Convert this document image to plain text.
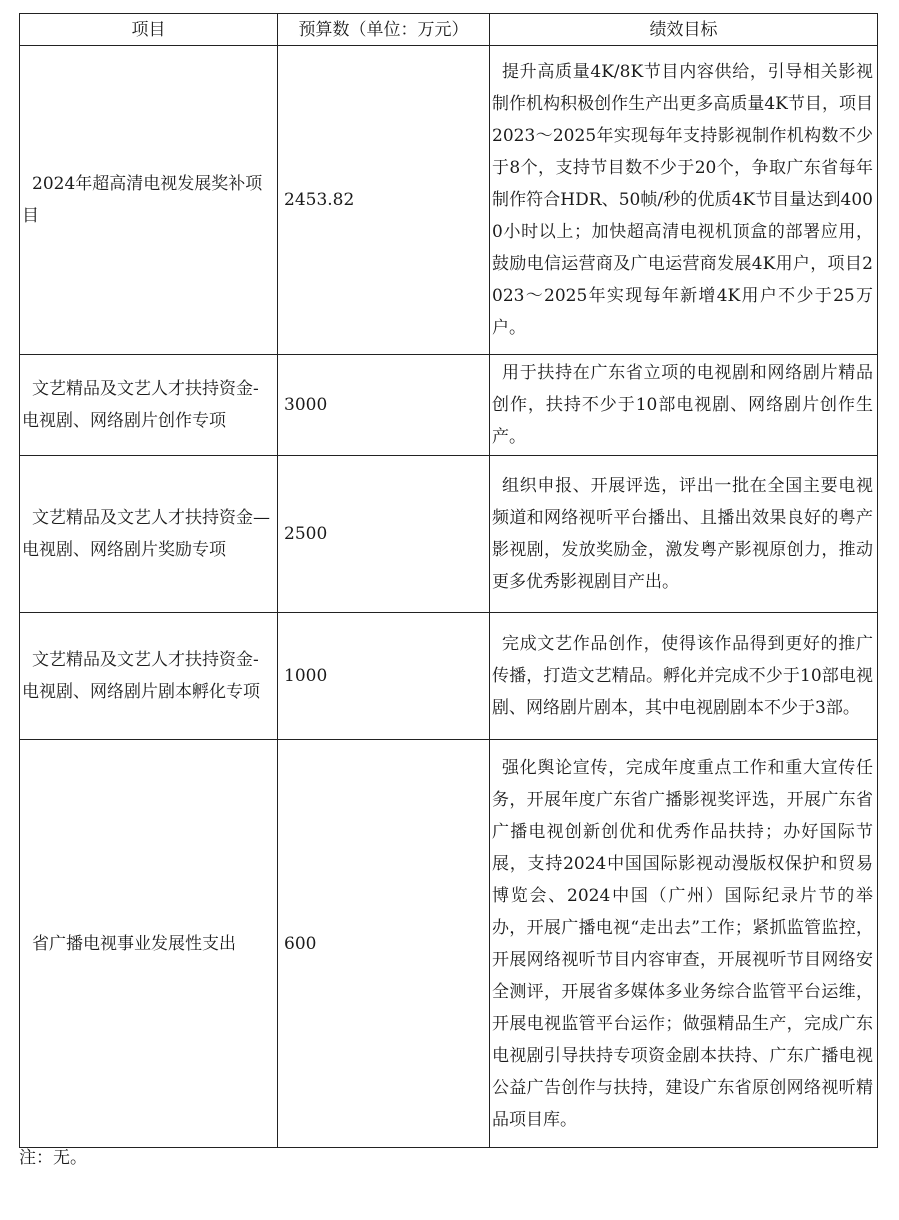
项目	预算数（单位：万元）	绩效目标
2024年超高清电视发展奖补项目	2453.82	提升高质量4K/8K节目内容供给，引导相关影视制作机构积极创作生产出更多高质量4K节目，项目2023～2025年实现每年支持影视制作机构数不少于8个，支持节目数不少于20个，争取广东省每年制作符合HDR、50帧/秒的优质4K节目量达到4000小时以上；加快超高清电视机顶盒的部署应用，鼓励电信运营商及广电运营商发展4K用户，项目2023～2025年实现每年新增4K用户不少于25万户。
文艺精品及文艺人才扶持资金-电视剧、网络剧片创作专项	3000	用于扶持在广东省立项的电视剧和网络剧片精品创作，扶持不少于10部电视剧、网络剧片创作生产。
文艺精品及文艺人才扶持资金—电视剧、网络剧片奖励专项	2500	组织申报、开展评选，评出一批在全国主要电视频道和网络视听平台播出、且播出效果良好的粤产影视剧，发放奖励金，激发粤产影视原创力，推动更多优秀影视剧目产出。
文艺精品及文艺人才扶持资金-电视剧、网络剧片剧本孵化专项	1000	完成文艺作品创作，使得该作品得到更好的推广传播，打造文艺精品。孵化并完成不少于10部电视剧、网络剧片剧本，其中电视剧剧本不少于3部。
省广播电视事业发展性支出	600	强化舆论宣传，完成年度重点工作和重大宣传任务，开展年度广东省广播影视奖评选，开展广东省广播电视创新创优和优秀作品扶持；办好国际节展，支持2024中国国际影视动漫版权保护和贸易博览会、2024中国（广州）国际纪录片节的举办，开展广播电视“走出去”工作；紧抓监管监控，开展网络视听节目内容审查，开展视听节目网络安全测评，开展省多媒体多业务综合监管平台运维，开展电视监管平台运作；做强精品生产，完成广东电视剧引导扶持专项资金剧本扶持、广东广播电视公益广告创作与扶持，建设广东省原创网络视听精品项目库。
注：无。
